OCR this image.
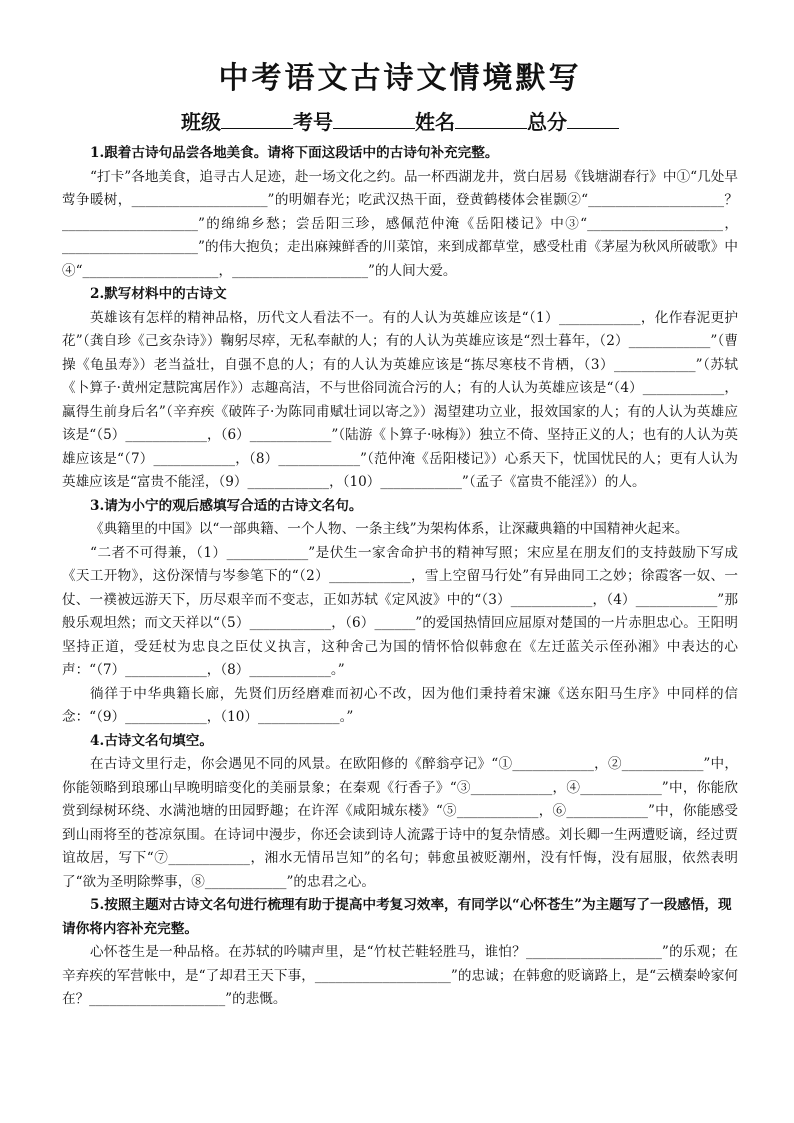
中考语文古诗文情境默写
班级	考号	姓名	总分

1.跟着古诗句品尝各地美食。请将下面这段话中的古诗句补充完整。

“打卡”各地美食，追寻古人足迹，赴一场文化之约。品一杯西湖龙井，赏白居易《钱塘湖春行》中①“几处早莺争暖树，____________________”的明媚春光；吃武汉热干面，登黄鹤楼体会崔颢②“____________________？____________________”的绵绵乡愁；尝岳阳三珍，感佩范仲淹《岳阳楼记》中③“____________________，____________________”的伟大抱负；走出麻辣鲜香的川菜馆，来到成都草堂，感受杜甫《茅屋为秋风所破歌》中④“____________________，____________________”的人间大爱。

2.默写材料中的古诗文

英雄该有怎样的精神品格，历代文人看法不一。有的人认为英雄应该是“（1）____________，化作春泥更护花”（龚自珍《己亥杂诗》）鞠躬尽瘁，无私奉献的人；有的人认为英雄应该是“烈士暮年，（2）____________”（曹操《龟虽寿》）老当益壮，自强不息的人；有的人认为英雄应该是“拣尽寒枝不肯栖，（3）____________”（苏轼《卜算子·黄州定慧院寓居作》）志趣高洁，不与世俗同流合污的人；有的人认为英雄应该是“（4）____________，赢得生前身后名”（辛弃疾《破阵子·为陈同甫赋壮词以寄之》）渴望建功立业，报效国家的人；有的人认为英雄应该是“（5）____________，（6）____________”（陆游《卜算子·咏梅》）独立不倚、坚持正义的人；也有的人认为英雄应该是“（7）____________，（8）____________”（范仲淹《岳阳楼记》）心系天下，忧国忧民的人；更有人认为英雄应该是“富贵不能淫，（9）____________，（10）____________”（孟子《富贵不能淫》）的人。

3.请为小宁的观后感填写合适的古诗文名句。

《典籍里的中国》以“一部典籍、一个人物、一条主线”为架构体系，让深藏典籍的中国精神火起来。

“二者不可得兼，（1）____________”是伏生一家舍命护书的精神写照；宋应星在朋友们的支持鼓励下写成《天工开物》，这份深情与岑参笔下的“（2）____________，雪上空留马行处”有异曲同工之妙；徐霞客一奴、一仗、一襆被远游天下，历尽艰辛而不变志，正如苏轼《定风波》中的“（3）____________，（4）____________”那般乐观坦然；而文天祥以“（5）____________，（6）______”的爱国热情回应屈原对楚国的一片赤胆忠心。王阳明坚持正道，受廷杖为忠良之臣仗义执言，这种舍己为国的情怀恰似韩愈在《左迁蓝关示侄孙湘》中表达的心声：“（7）____________，（8）____________。”

徜徉于中华典籍长廊，先贤们历经磨难而初心不改，因为他们秉持着宋濂《送东阳马生序》中同样的信念：“（9）____________，（10）____________。”

4.古诗文名句填空。

在古诗文里行走，你会遇见不同的风景。在欧阳修的《醉翁亭记》“①____________，②____________”中，你能领略到琅琊山早晚明暗变化的美丽景象；在秦观《行香子》“③____________，④____________”中，你能欣赏到绿树环绕、水满池塘的田园野趣；在许浑《咸阳城东楼》“⑤____________，⑥____________”中，你能感受到山雨将至的苍凉氛围。在诗词中漫步，你还会读到诗人流露于诗中的复杂情感。刘长卿一生两遭贬谪，经过贾谊故居，写下“⑦____________，湘水无情吊岂知”的名句；韩愈虽被贬潮州，没有忏悔，没有屈服，依然表明了“欲为圣明除弊事，⑧____________”的忠君之心。

5.按照主题对古诗文名句进行梳理有助于提高中考复习效率，有同学以“心怀苍生”为主题写了一段感悟，现请你将内容补充完整。

心怀苍生是一种品格。在苏轼的吟啸声里，是“竹杖芒鞋轻胜马，谁怕？____________________”的乐观；在辛弃疾的军营帐中，是“了却君王天下事，____________________”的忠诚；在韩愈的贬谪路上，是“云横秦岭家何在？____________________”的悲慨。
